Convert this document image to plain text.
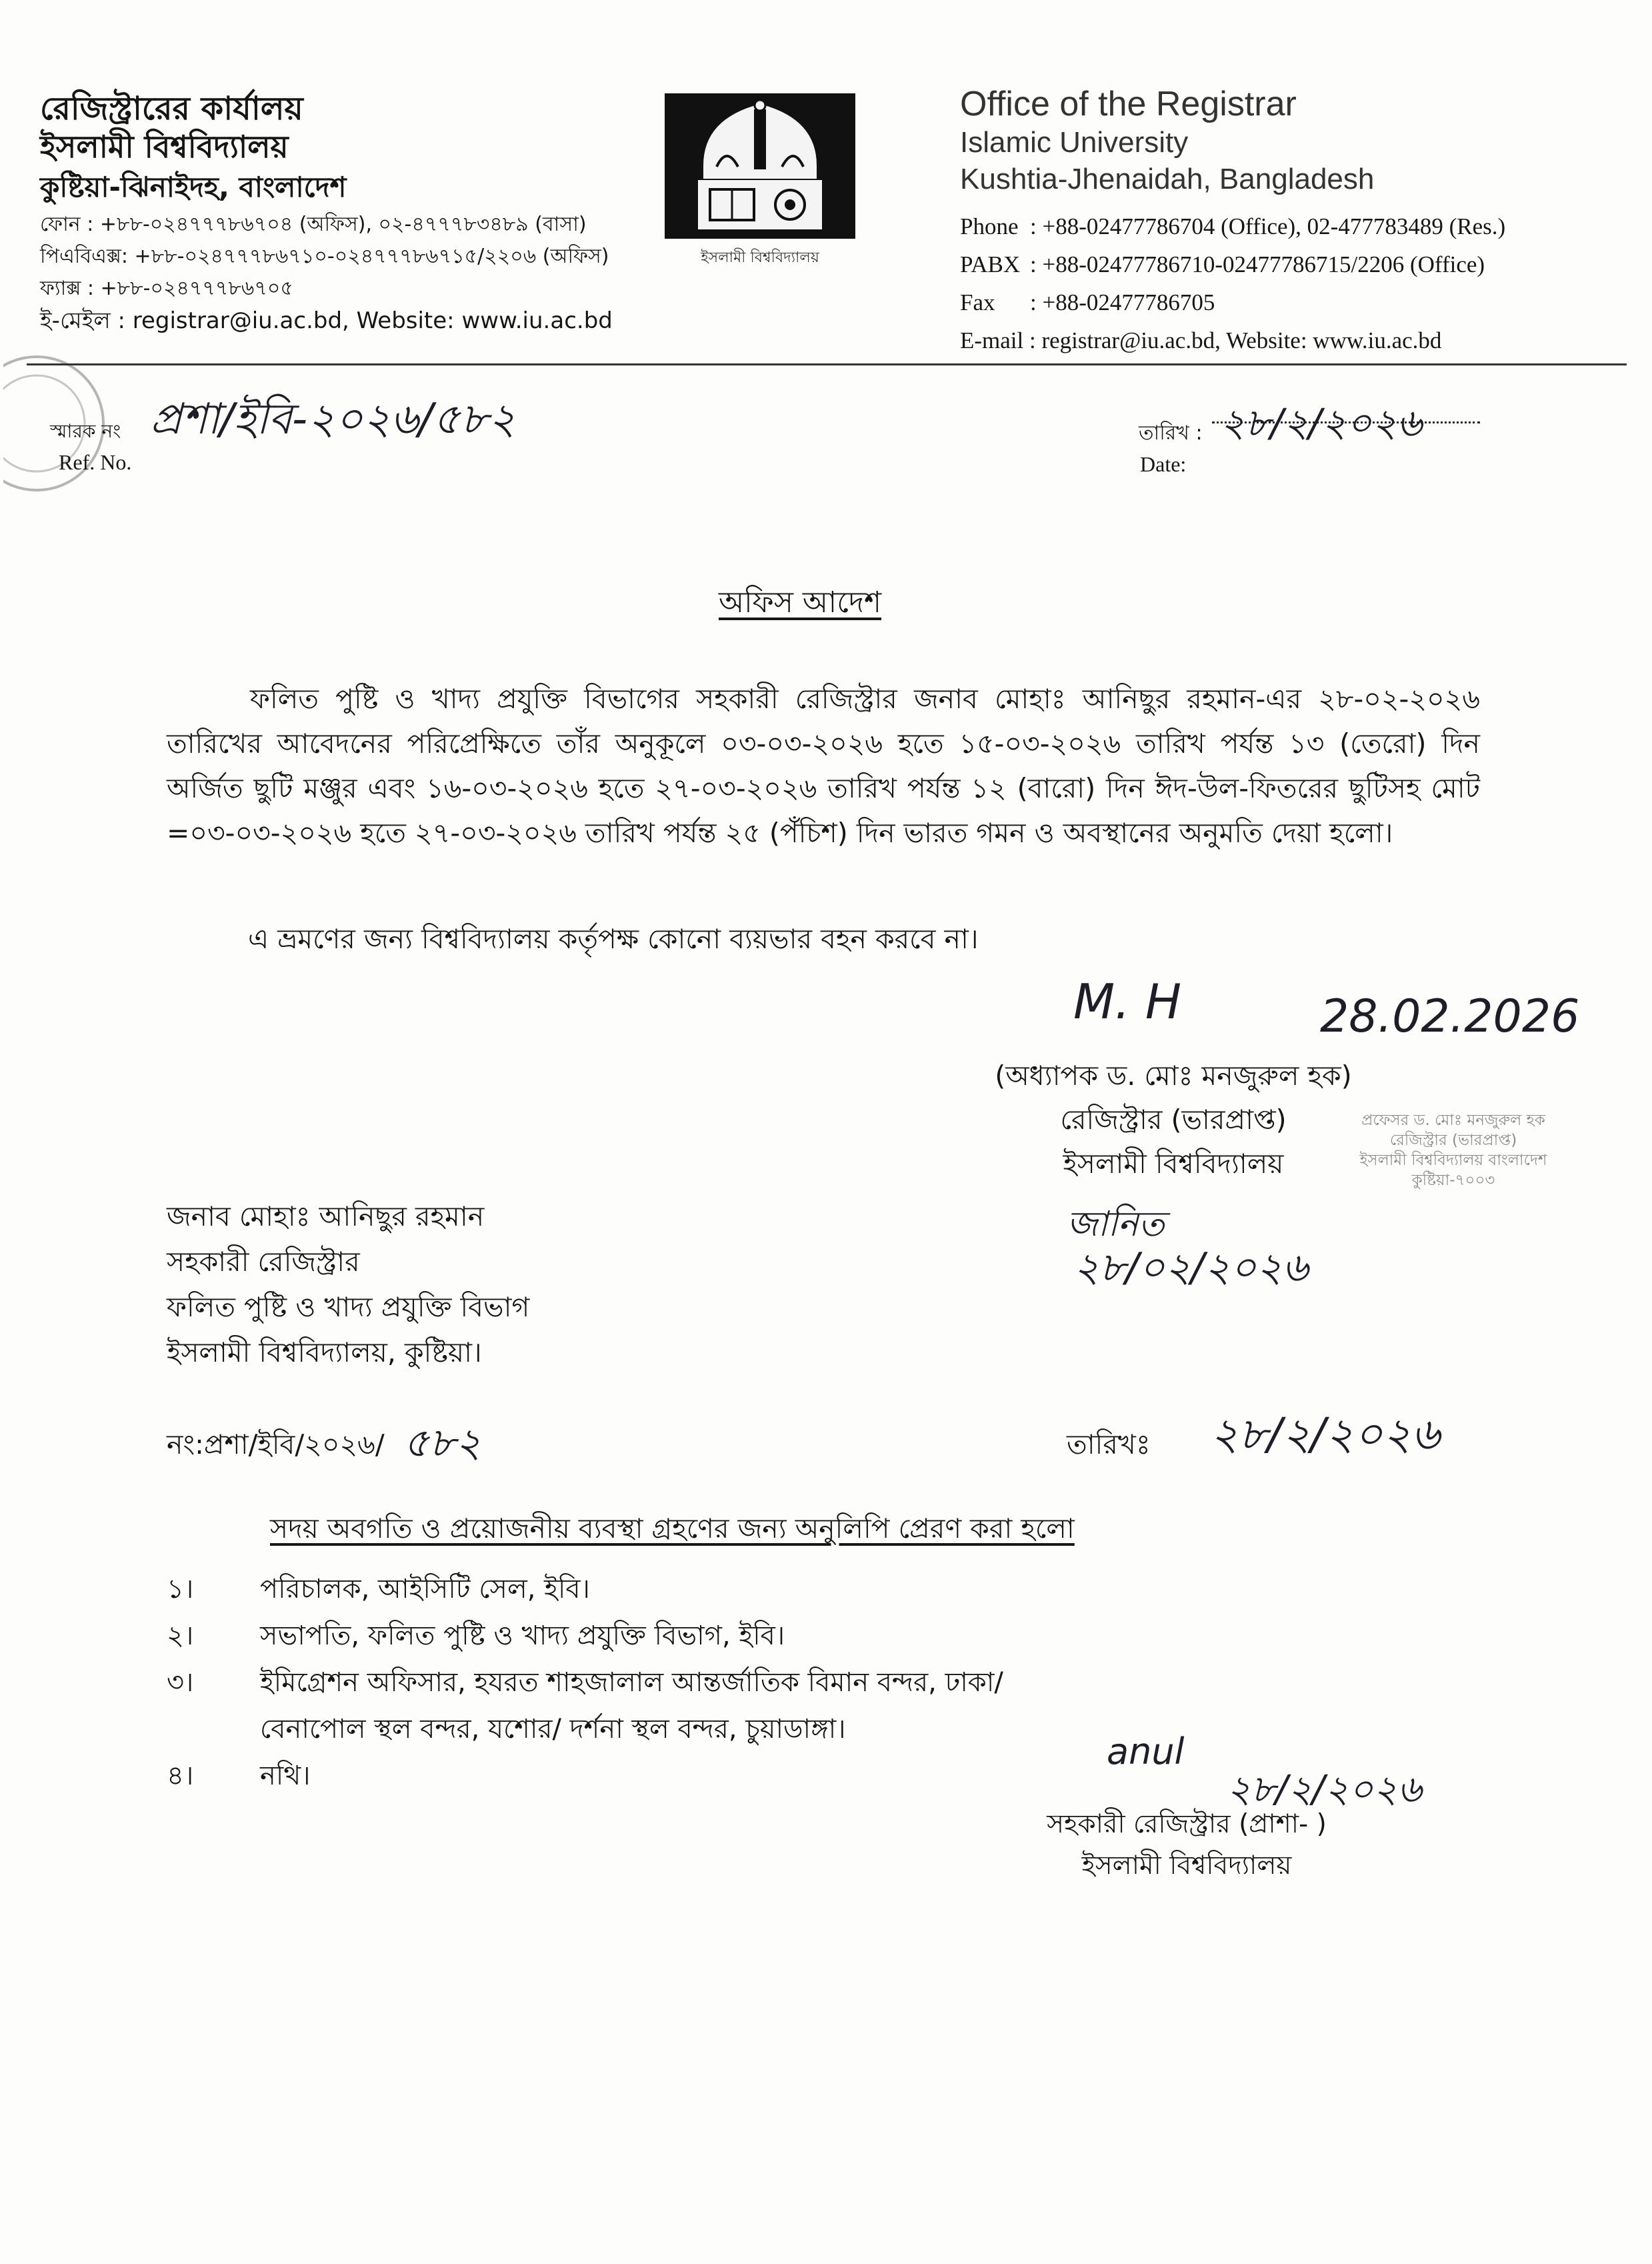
রেজিস্ট্রারের কার্যালয়
ইসলামী বিশ্ববিদ্যালয়
কুষ্টিয়া-ঝিনাইদহ, বাংলাদেশ
ফোন : +৮৮-০২৪৭৭৭৮৬৭০৪ (অফিস), ০২-৪৭৭৭৮৩৪৮৯ (বাসা)
পিএবিএক্স: +৮৮-০২৪৭৭৭৮৬৭১০-০২৪৭৭৭৮৬৭১৫/২২০৬ (অফিস)
ফ্যাক্স : +৮৮-০২৪৭৭৭৮৬৭০৫
ই-মেইল : registrar@iu.ac.bd, Website: www.iu.ac.bd
ইসলামী বিশ্ববিদ্যালয়
Office of the Registrar
Islamic University
Kushtia-Jhenaidah, Bangladesh
Phone : +88-02477786704 (Office), 02-477783489 (Res.)
PABX : +88-02477786710-02477786715/2206 (Office)
Fax : +88-02477786705
E-mail : registrar@iu.ac.bd, Website: www.iu.ac.bd
স্মারক নং
Ref. No.
প্রশা/ইবি-২০২৬/৫৮২	তারিখ :
Date:
২৮/২/২০২৬
অফিস আদেশ
ফলিত পুষ্টি ও খাদ্য প্রযুক্তি বিভাগের সহকারী রেজিস্ট্রার জনাব মোহাঃ আনিছুর রহমান-এর ২৮-০২-২০২৬ তারিখের আবেদনের পরিপ্রেক্ষিতে তাঁর অনুকূলে ০৩-০৩-২০২৬ হতে ১৫-০৩-২০২৬ তারিখ পর্যন্ত ১৩ (তেরো) দিন অর্জিত ছুটি মঞ্জুর এবং ১৬-০৩-২০২৬ হতে ২৭-০৩-২০২৬ তারিখ পর্যন্ত ১২ (বারো) দিন ঈদ-উল-ফিতরের ছুটিসহ মোট =০৩-০৩-২০২৬ হতে ২৭-০৩-২০২৬ তারিখ পর্যন্ত ২৫ (পঁচিশ) দিন ভারত গমন ও অবস্থানের অনুমতি দেয়া হলো।
এ ভ্রমণের জন্য বিশ্ববিদ্যালয় কর্তৃপক্ষ কোনো ব্যয়ভার বহন করবে না।
M. H	28.02.2026
(অধ্যাপক ড. মোঃ মনজুরুল হক)
রেজিস্ট্রার (ভারপ্রাপ্ত)
ইসলামী বিশ্ববিদ্যালয়
প্রফেসর ড. মোঃ মনজুরুল হক
রেজিস্ট্রার (ভারপ্রাপ্ত)
ইসলামী বিশ্ববিদ্যালয় বাংলাদেশ
কুষ্টিয়া-৭০০৩
জনাব মোহাঃ আনিছুর রহমান
সহকারী রেজিস্ট্রার
ফলিত পুষ্টি ও খাদ্য প্রযুক্তি বিভাগ
ইসলামী বিশ্ববিদ্যালয়, কুষ্টিয়া।
জানিত
২৮/০২/২০২৬
নং:প্রশা/ইবি/২০২৬/ ৫৮২	তারিখঃ ২৮/২/২০২৬
সদয় অবগতি ও প্রয়োজনীয় ব্যবস্থা গ্রহণের জন্য অনুলিপি প্রেরণ করা হলো
১।	পরিচালক, আইসিটি সেল, ইবি।
২।	সভাপতি, ফলিত পুষ্টি ও খাদ্য প্রযুক্তি বিভাগ, ইবি।
৩।	ইমিগ্রেশন অফিসার, হযরত শাহজালাল আন্তর্জাতিক বিমান বন্দর, ঢাকা/
বেনাপোল স্থল বন্দর, যশোর/ দর্শনা স্থল বন্দর, চুয়াডাঙ্গা।
৪।	নথি।
anul
২৮/২/২০২৬
সহকারী রেজিস্ট্রার (প্রাশা- )
ইসলামী বিশ্ববিদ্যালয়
